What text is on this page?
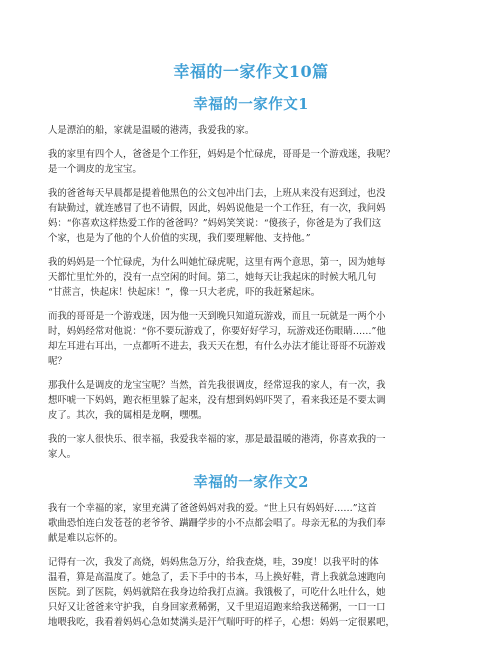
幸福的一家作文10篇
幸福的一家作文1

人是漂泊的船，家就是温暖的港湾，我爱我的家。

我的家里有四个人，爸爸是个工作狂，妈妈是个忙碌虎，哥哥是一个游戏迷，我呢？
是一个调皮的龙宝宝。

我的爸爸每天早晨都是提着他黑色的公文包冲出门去，上班从来没有迟到过，也没
有缺勤过，就连感冒了也不请假，因此，妈妈说他是一个工作狂，有一次，我问妈
妈：“你喜欢这样热爱工作的爸爸吗？”妈妈笑笑说：“傻孩子，你爸是为了我们这
个家，也是为了他的个人价值的实现，我们要理解他、支持他。”

我的妈妈是一个忙碌虎，为什么叫她忙碌虎呢，这里有两个意思，第一，因为她每
天都忙里忙外的，没有一点空闲的时间。第二，她每天让我起床的时候大吼几句
“甘蔗言，快起床！快起床！”，像一只大老虎，吓的我赶紧起床。

而我的哥哥是一个游戏迷，因为他一天到晚只知道玩游戏，而且一玩就是一两个小
时，妈妈经常对他说：“你不要玩游戏了，你要好好学习，玩游戏还伤眼睛……”他
却左耳进右耳出，一点都听不进去，我天天在想，有什么办法才能让哥哥不玩游戏
呢？

那我什么是调皮的龙宝宝呢？当然，首先我很调皮，经常逗我的家人，有一次，我
想吓唬一下妈妈，跑衣柜里躲了起来，没有想到妈妈吓哭了，看来我还是不要太调
皮了。其次，我的属相是龙啊，嘿嘿。

我的一家人很快乐、很幸福，我爱我幸福的家，那是最温暖的港湾，你喜欢我的一
家人。

幸福的一家作文2

我有一个幸福的家，家里充满了爸爸妈妈对我的爱。“世上只有妈妈好……”这首
歌曲恐怕连白发苍苍的老爷爷、蹒跚学步的小不点都会唱了。母亲无私的为我们奉
献是难以忘怀的。

记得有一次，我发了高烧，妈妈焦急万分，给我查烧，哇，39度！以我平时的体
温看，算是高温度了。她急了，丢下手中的书本，马上换好鞋，背上我就急速跑向
医院。到了医院，妈妈就陪在我身边给我打点滴。我饿极了，可吃什么吐什么，她
只好又让爸爸来守护我，自身回家煮稀粥，又千里迢迢跑来给我送稀粥，一口一口
地喂我吃，我看着妈妈心急如焚满头是汗气喘吁吁的样子，心想：妈妈一定很累吧，
